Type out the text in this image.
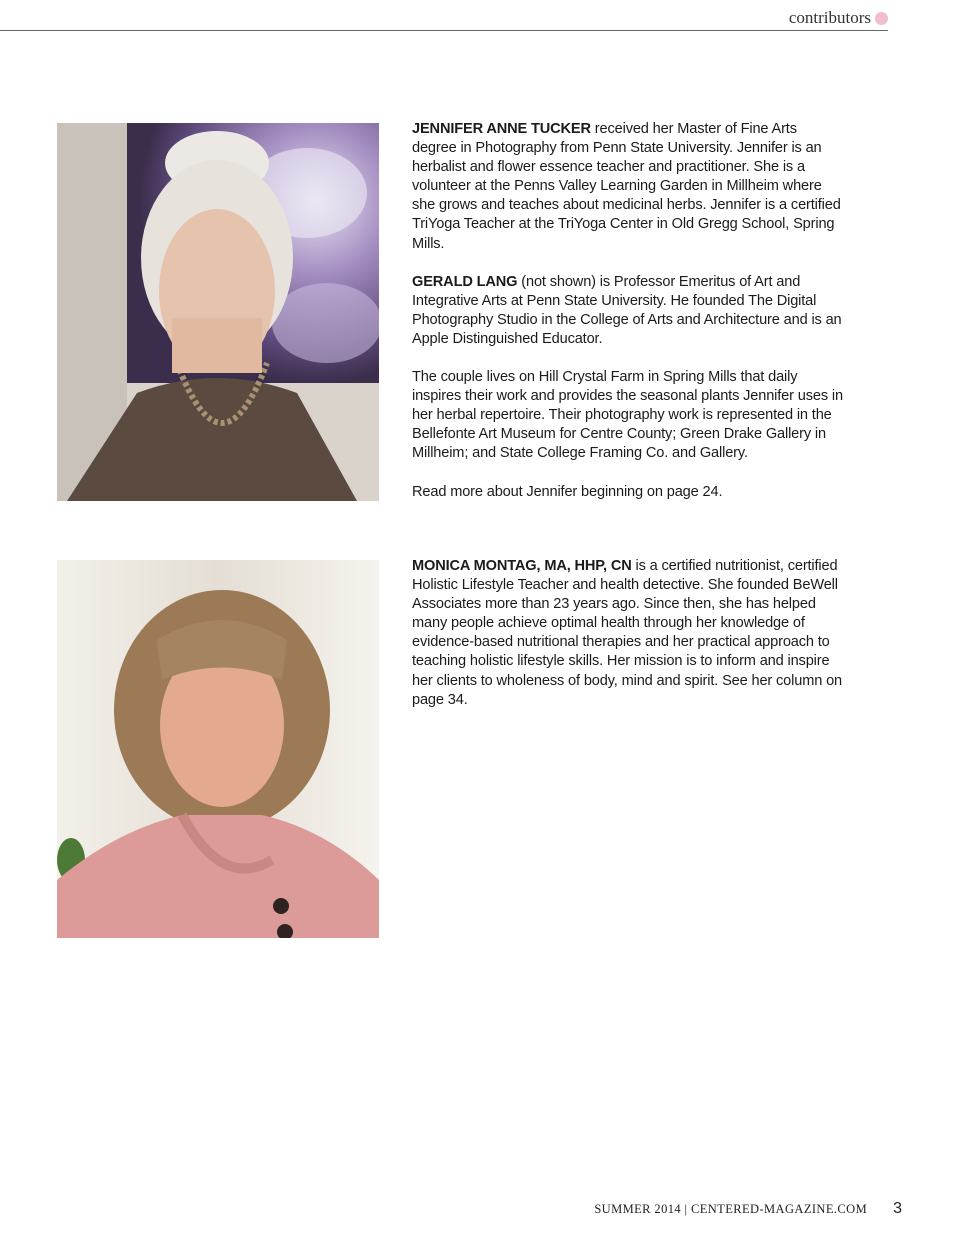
contributors

JENNIFER ANNE TUCKER received her Master of Fine Arts degree in Photography from Penn State University. Jennifer is an herbalist and flower essence teacher and practitioner. She is a volunteer at the Penns Valley Learning Garden in Millheim where she grows and teaches about medicinal herbs. Jennifer is a certified TriYoga Teacher at the TriYoga Center in Old Gregg School, Spring Mills.

GERALD LANG (not shown) is Professor Emeritus of Art and Integrative Arts at Penn State University. He founded The Digital Photography Studio in the College of Arts and Architecture and is an Apple Distinguished Educator.

The couple lives on Hill Crystal Farm in Spring Mills that daily inspires their work and provides the seasonal plants Jennifer uses in her herbal repertoire. Their photography work is represented in the Bellefonte Art Museum for Centre County; Green Drake Gallery in Millheim; and State College Framing Co. and Gallery.

Read more about Jennifer beginning on page 24.

MONICA MONTAG, MA, HHP, CN is a certified nutritionist, certified Holistic Lifestyle Teacher and health detective. She founded BeWell Associates more than 23 years ago. Since then, she has helped many people achieve optimal health through her knowledge of evidence-based nutritional therapies and her practical approach to teaching holistic lifestyle skills. Her mission is to inform and inspire her clients to wholeness of body, mind and spirit. See her column on page 34.

SUMMER 2014 | CENTERED-MAGAZINE.COM 3
